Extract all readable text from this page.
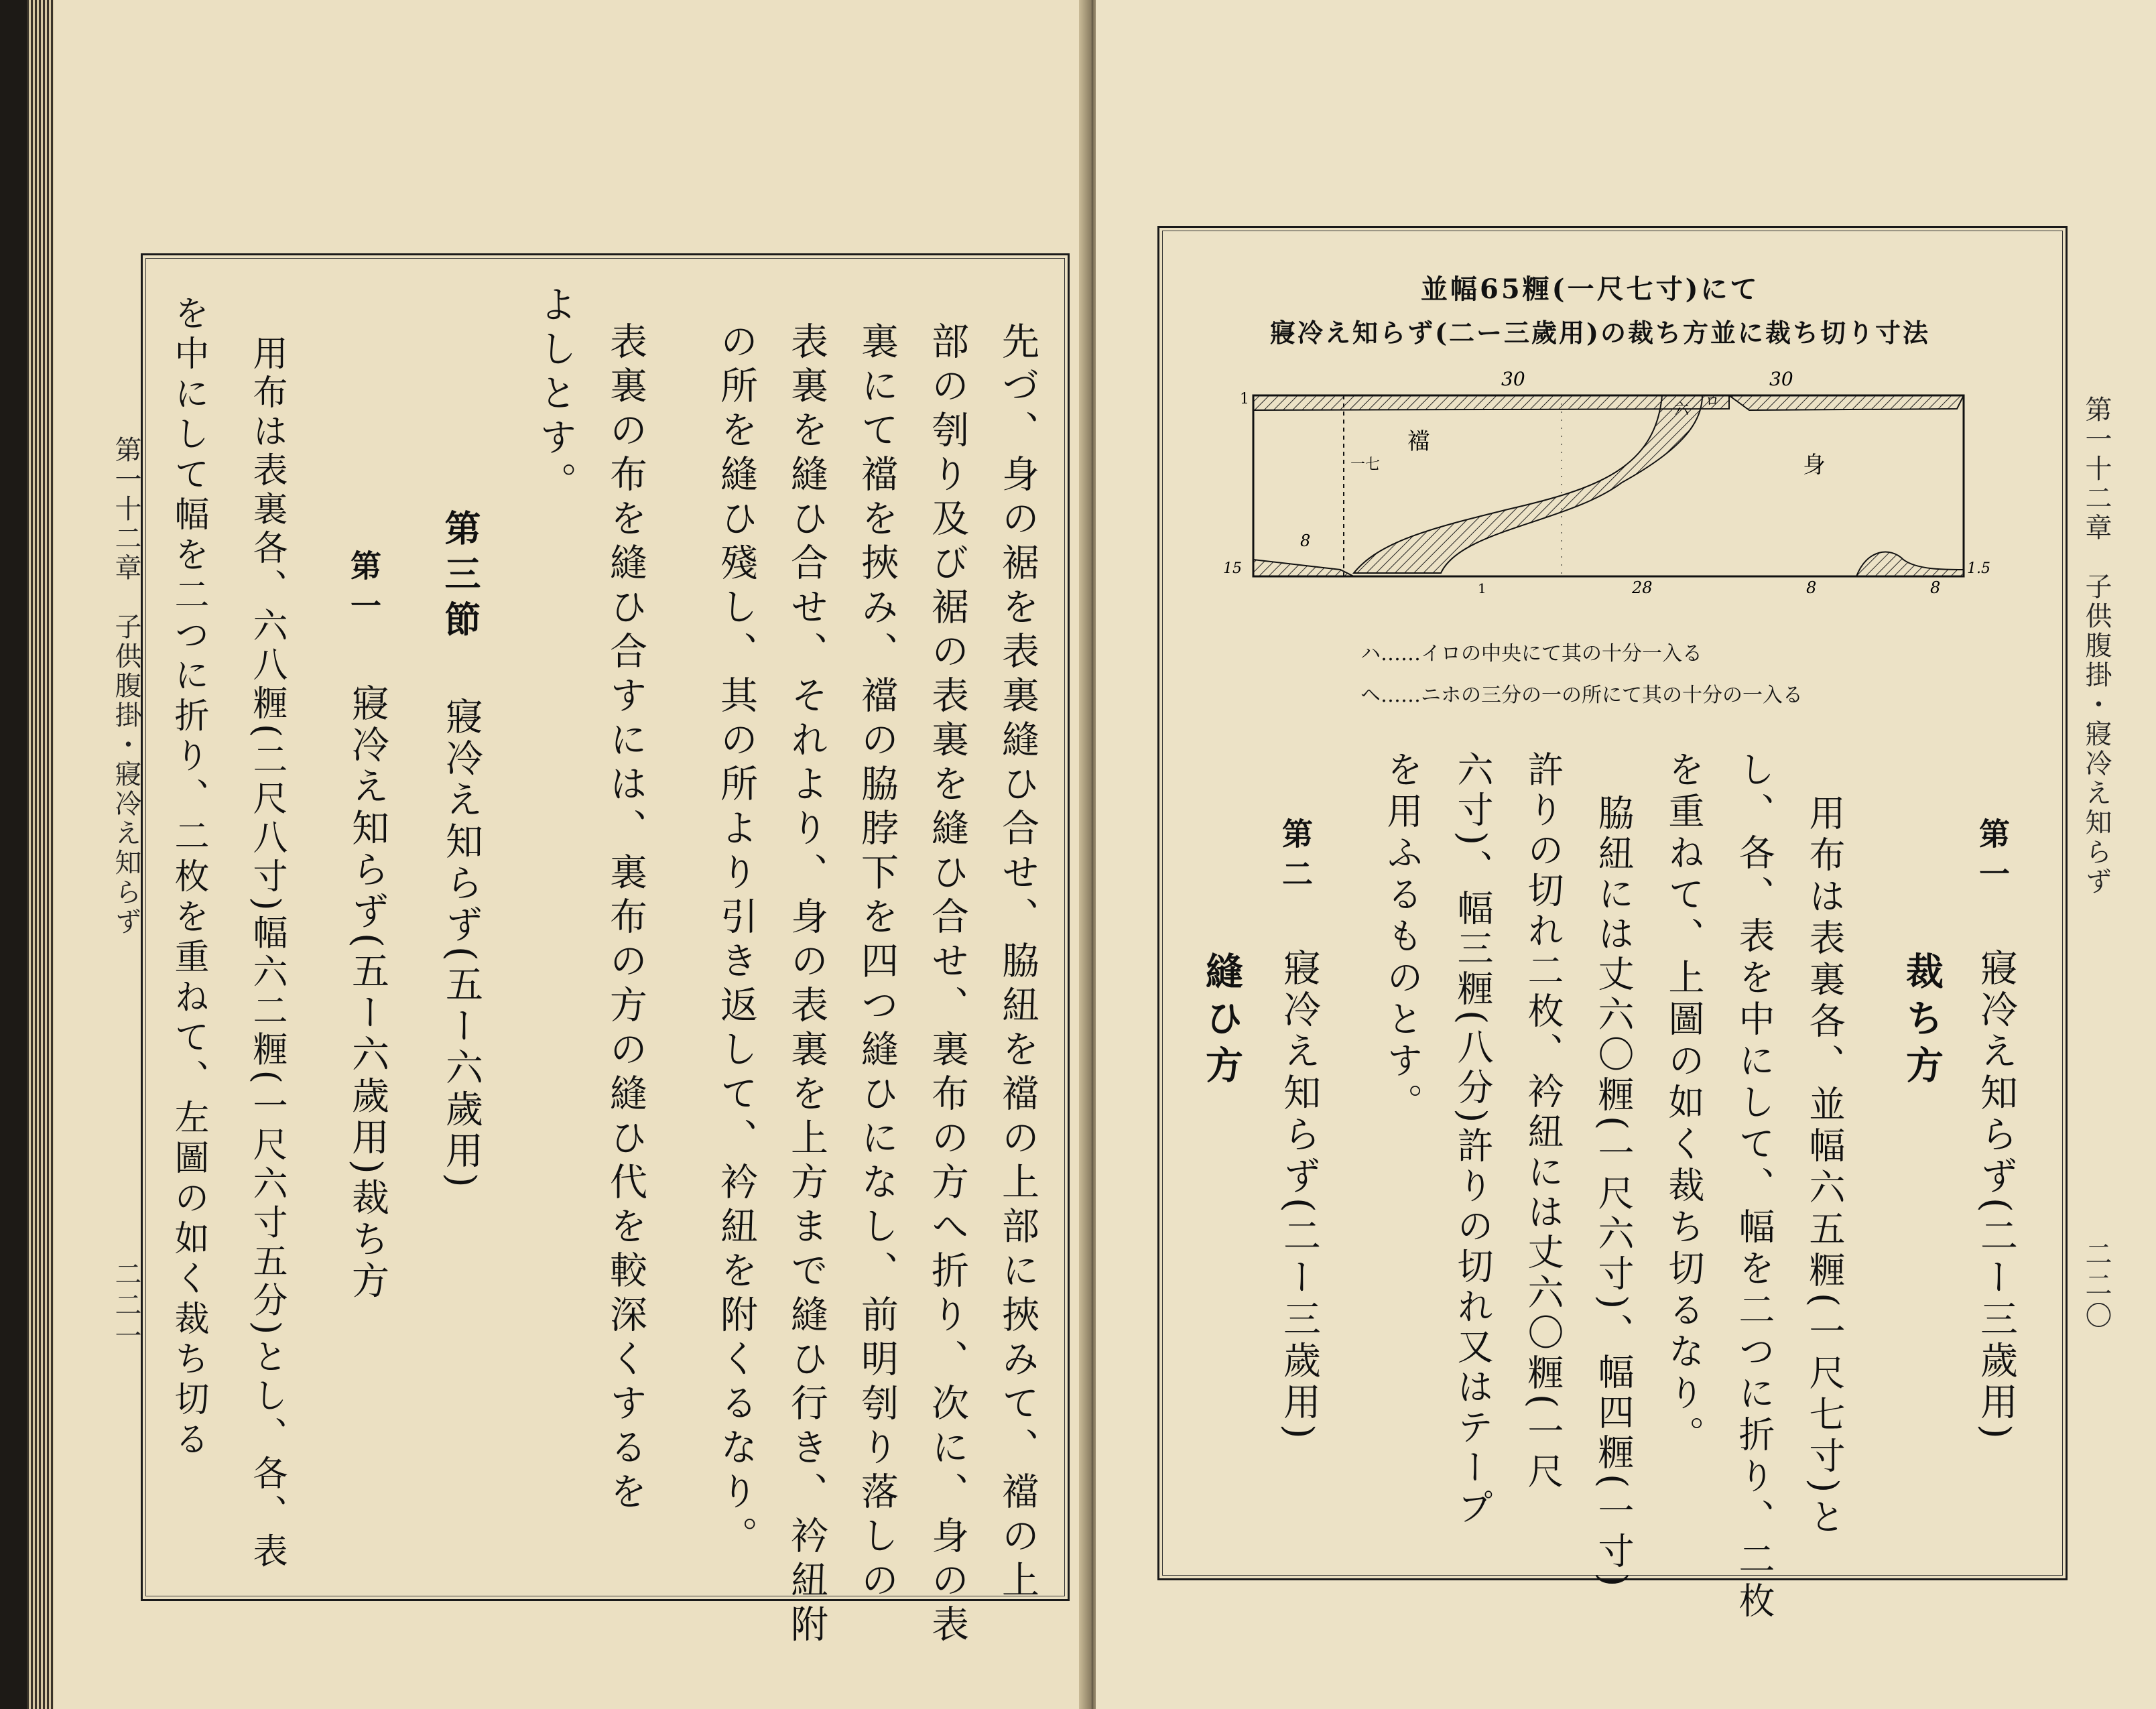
第一十二章　子供腹掛・寢冷え知らず
二二一	先づ、身の裾を表裏縫ひ合せ、脇紐を襠の上部に挾みて、襠の上
部の刳り及び裾の表裏を縫ひ合せ、裏布の方へ折り、次に、身の表
裏にて襠を挾み、襠の脇脖下を四つ縫ひになし、前明刳り落しの
表裏を縫ひ合せ、それより、身の表裏を上方まで縫ひ行き、衿紐附
の所を縫ひ殘し、其の所より引き返して、衿紐を附くるなり。
表裏の布を縫ひ合すには、裏布の方の縫ひ代を較深くするを
よしとす。
第三節
寢冷え知らず(五ー六歲用)
第一
寢冷え知らず(五ー六歲用)裁ち方
用布は表裏各、六八糎(二尺八寸)幅六二糎(一尺六寸五分)とし、各、表
を中にして幅を二つに折り、二枚を重ねて、左圖の如く裁ち切る	第一十二章　子供腹掛・寢冷え知らず
二二〇
並幅65糎(一尺七寸)にて
寢冷え知らず(二ー三歲用)の裁ち方並に裁ち切り寸法
30	30
1	ロ
襠
身
六
一七
8
15
1	28	8	8
1.5
ハ……イロの中央にて其の十分一入る
ヘ……ニホの三分の一の所にて其の十分の一入る
第一
寢冷え知らず(二ー三歲用)
裁ち方
用布は表裏各、並幅六五糎(一尺七寸)と
し、各、表を中にして、幅を二つに折り、二枚
を重ねて、上圖の如く裁ち切るなり。
脇紐には丈六〇糎(一尺六寸)、幅四糎(一寸)
許りの切れ二枚、衿紐には丈六〇糎(一尺
六寸)、幅三糎(八分)許りの切れ又はテープ
を用ふるものとす。
第二
寢冷え知らず(二ー三歲用)
縫ひ方
